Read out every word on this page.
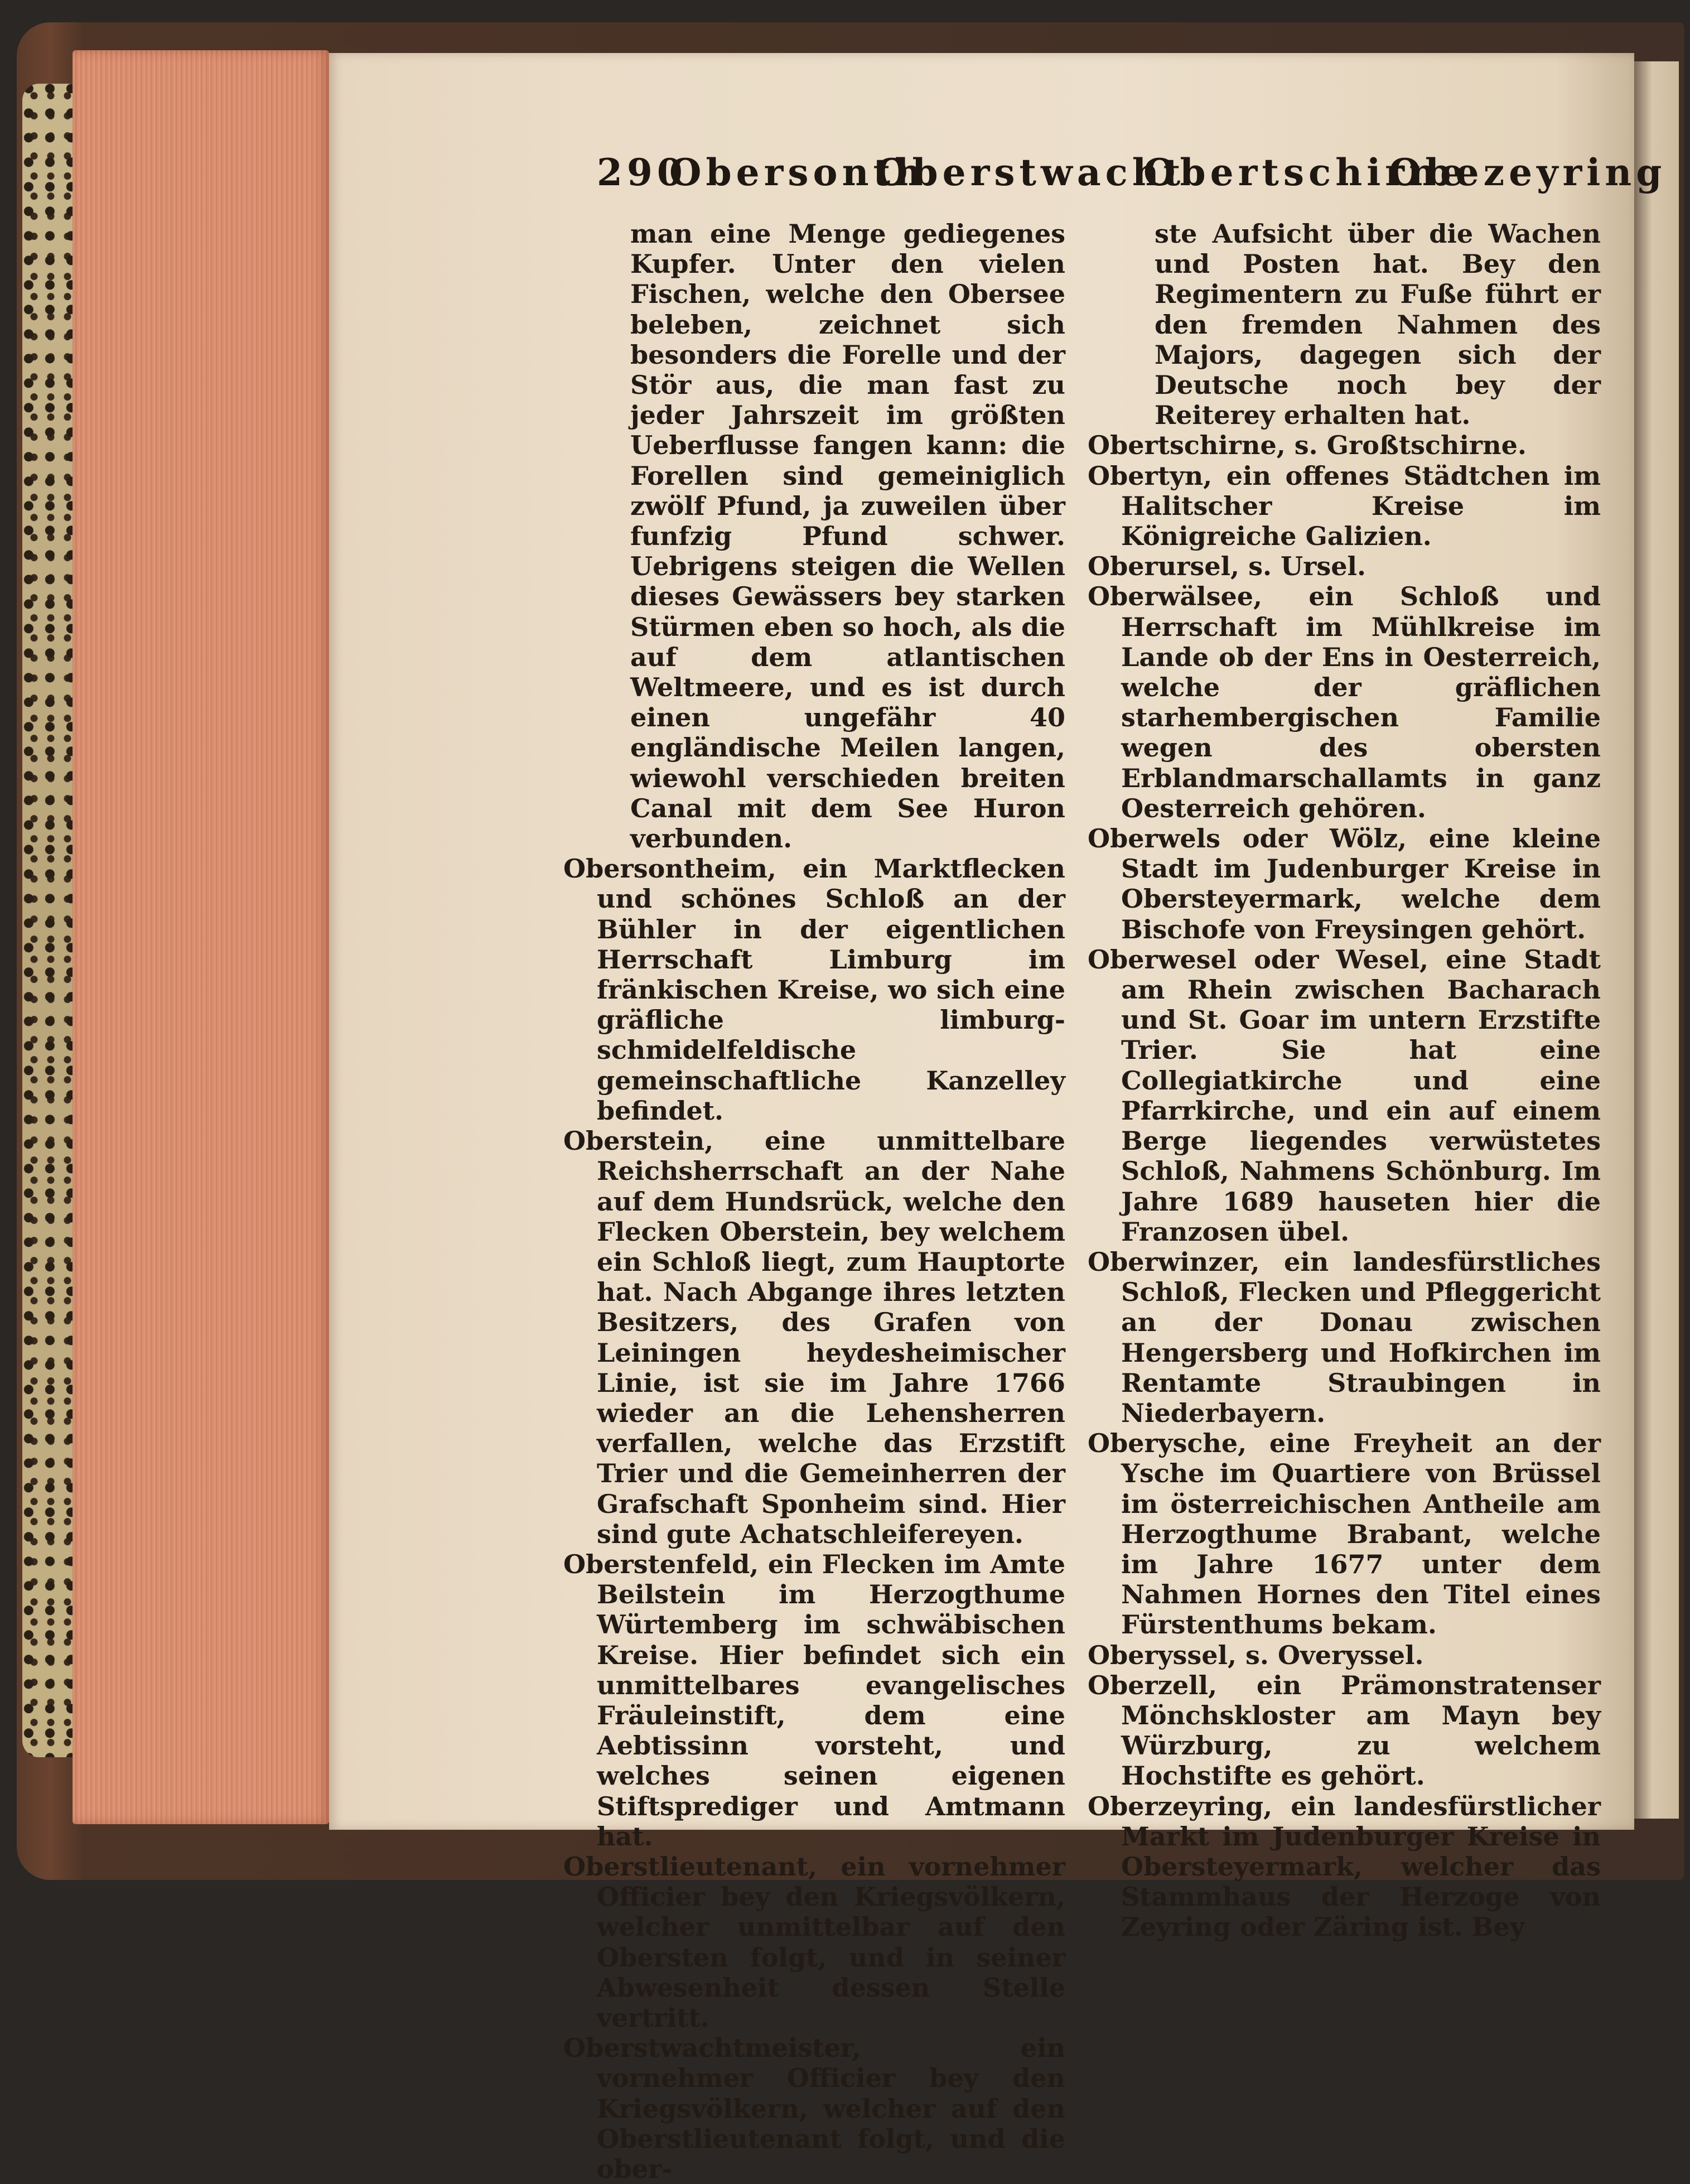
290
Obersonth
Oberstwacht
Obertschirne
Obezeyring

man eine Menge gediegenes Kupfer. Unter den vielen Fischen, welche den Obersee beleben, zeichnet sich besonders die Forelle und der Stör aus, die man fast zu jeder Jahrszeit im größten Ueberflusse fangen kann: die Forellen sind gemeiniglich zwölf Pfund, ja zuweilen über funfzig Pfund schwer. Uebrigens steigen die Wellen dieses Gewässers bey starken Stürmen eben so hoch, als die auf dem atlantischen Weltmeere, und es ist durch einen ungefähr 40 engländische Meilen langen, wiewohl verschieden breiten Canal mit dem See Huron verbunden.

Obersontheim, ein Marktflecken und schönes Schloß an der Bühler in der eigentlichen Herrschaft Limburg im fränkischen Kreise, wo sich eine gräfliche limburg-schmidelfeldische gemeinschaftliche Kanzelley befindet.

Oberstein, eine unmittelbare Reichsherrschaft an der Nahe auf dem Hundsrück, welche den Flecken Oberstein, bey welchem ein Schloß liegt, zum Hauptorte hat. Nach Abgange ihres letzten Besitzers, des Grafen von Leiningen heydesheimischer Linie, ist sie im Jahre 1766 wieder an die Lehensherren verfallen, welche das Erzstift Trier und die Gemeinherren der Grafschaft Sponheim sind. Hier sind gute Achatschleifereyen.

Oberstenfeld, ein Flecken im Amte Beilstein im Herzogthume Würtemberg im schwäbischen Kreise. Hier befindet sich ein unmittelbares evangelisches Fräuleinstift, dem eine Aebtissinn vorsteht, und welches seinen eigenen Stiftsprediger und Amtmann hat.

Oberstlieutenant, ein vornehmer Officier bey den Kriegsvölkern, welcher unmittelbar auf den Obersten folgt, und in seiner Abwesenheit dessen Stelle vertritt.

Oberstwachtmeister, ein vornehmer Officier bey den Kriegsvölkern, welcher auf den Oberstlieutenant folgt, und die ober-

ste Aufsicht über die Wachen und Posten hat. Bey den Regimentern zu Fuße führt er den fremden Nahmen des Majors, dagegen sich der Deutsche noch bey der Reiterey erhalten hat.

Obertschirne, s. Großtschirne.

Obertyn, ein offenes Städtchen im Halitscher Kreise im Königreiche Galizien.

Oberursel, s. Ursel.

Oberwälsee, ein Schloß und Herrschaft im Mühlkreise im Lande ob der Ens in Oesterreich, welche der gräflichen starhembergischen Familie wegen des obersten Erblandmarschallamts in ganz Oesterreich gehören.

Oberwels oder Wölz, eine kleine Stadt im Judenburger Kreise in Obersteyermark, welche dem Bischofe von Freysingen gehört.

Oberwesel oder Wesel, eine Stadt am Rhein zwischen Bacharach und St. Goar im untern Erzstifte Trier. Sie hat eine Collegiatkirche und eine Pfarrkirche, und ein auf einem Berge liegendes verwüstetes Schloß, Nahmens Schönburg. Im Jahre 1689 hauseten hier die Franzosen übel.

Oberwinzer, ein landesfürstliches Schloß, Flecken und Pfleggericht an der Donau zwischen Hengersberg und Hofkirchen im Rentamte Straubingen in Niederbayern.

Oberysche, eine Freyheit an der Ysche im Quartiere von Brüssel im österreichischen Antheile am Herzogthume Brabant, welche im Jahre 1677 unter dem Nahmen Hornes den Titel eines Fürstenthums bekam.

Oberyssel, s. Overyssel.

Oberzell, ein Prämonstratenser Mönchskloster am Mayn bey Würzburg, zu welchem Hochstifte es gehört.

Oberzeyring, ein landesfürstlicher Markt im Judenburger Kreise in Obersteyermark, welcher das Stammhaus der Herzoge von Zeyring oder Zäring ist. Bey
